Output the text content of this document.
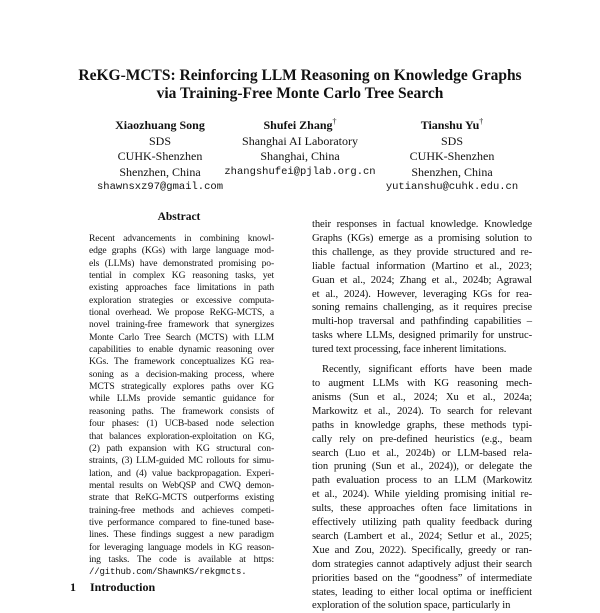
ReKG-MCTS: Reinforcing LLM Reasoning on Knowledge Graphs
via Training-Free Monte Carlo Tree Search
Xiaozhuang Song
SDS
CUHK-Shenzhen
Shenzhen, China
shawnsxz97@gmail.com
Shufei Zhang†
Shanghai AI Laboratory
Shanghai, China
zhangshufei@pjlab.org.cn
Tianshu Yu†
SDS
CUHK-Shenzhen
Shenzhen, China
yutianshu@cuhk.edu.cn
Abstract
Recent advancements in combining knowl-
edge graphs (KGs) with large language mod-
els (LLMs) have demonstrated promising po-
tential in complex KG reasoning tasks, yet
existing approaches face limitations in path
exploration strategies or excessive computa-
tional overhead. We propose ReKG-MCTS, a
novel training-free framework that synergizes
Monte Carlo Tree Search (MCTS) with LLM
capabilities to enable dynamic reasoning over
KGs. The framework conceptualizes KG rea-
soning as a decision-making process, where
MCTS strategically explores paths over KG
while LLMs provide semantic guidance for
reasoning paths. The framework consists of
four phases: (1) UCB-based node selection
that balances exploration-exploitation on KG,
(2) path expansion with KG structural con-
straints, (3) LLM-guided MC rollouts for simu-
lation, and (4) value backpropagation. Experi-
mental results on WebQSP and CWQ demon-
strate that ReKG-MCTS outperforms existing
training-free methods and achieves competi-
tive performance compared to fine-tuned base-
lines. These findings suggest a new paradigm
for leveraging language models in KG reason-
ing tasks. The code is available at https:
//github.com/ShawnKS/rekgmcts.
1 Introduction
their responses in factual knowledge. Knowledge
Graphs (KGs) emerge as a promising solution to
this challenge, as they provide structured and re-
liable factual information (Martino et al., 2023;
Guan et al., 2024; Zhang et al., 2024b; Agrawal
et al., 2024). However, leveraging KGs for rea-
soning remains challenging, as it requires precise
multi-hop traversal and pathfinding capabilities –
tasks where LLMs, designed primarily for unstruc-
tured text processing, face inherent limitations.
Recently, significant efforts have been made
to augment LLMs with KG reasoning mech-
anisms (Sun et al., 2024; Xu et al., 2024a;
Markowitz et al., 2024). To search for relevant
paths in knowledge graphs, these methods typi-
cally rely on pre-defined heuristics (e.g., beam
search (Luo et al., 2024b) or LLM-based rela-
tion pruning (Sun et al., 2024)), or delegate the
path evaluation process to an LLM (Markowitz
et al., 2024). While yielding promising initial re-
sults, these approaches often face limitations in
effectively utilizing path quality feedback during
search (Lambert et al., 2024; Setlur et al., 2025;
Xue and Zou, 2022). Specifically, greedy or ran-
dom strategies cannot adaptively adjust their search
priorities based on the “goodness” of intermediate
states, leading to either local optima or inefficient
exploration of the solution space, particularly in
